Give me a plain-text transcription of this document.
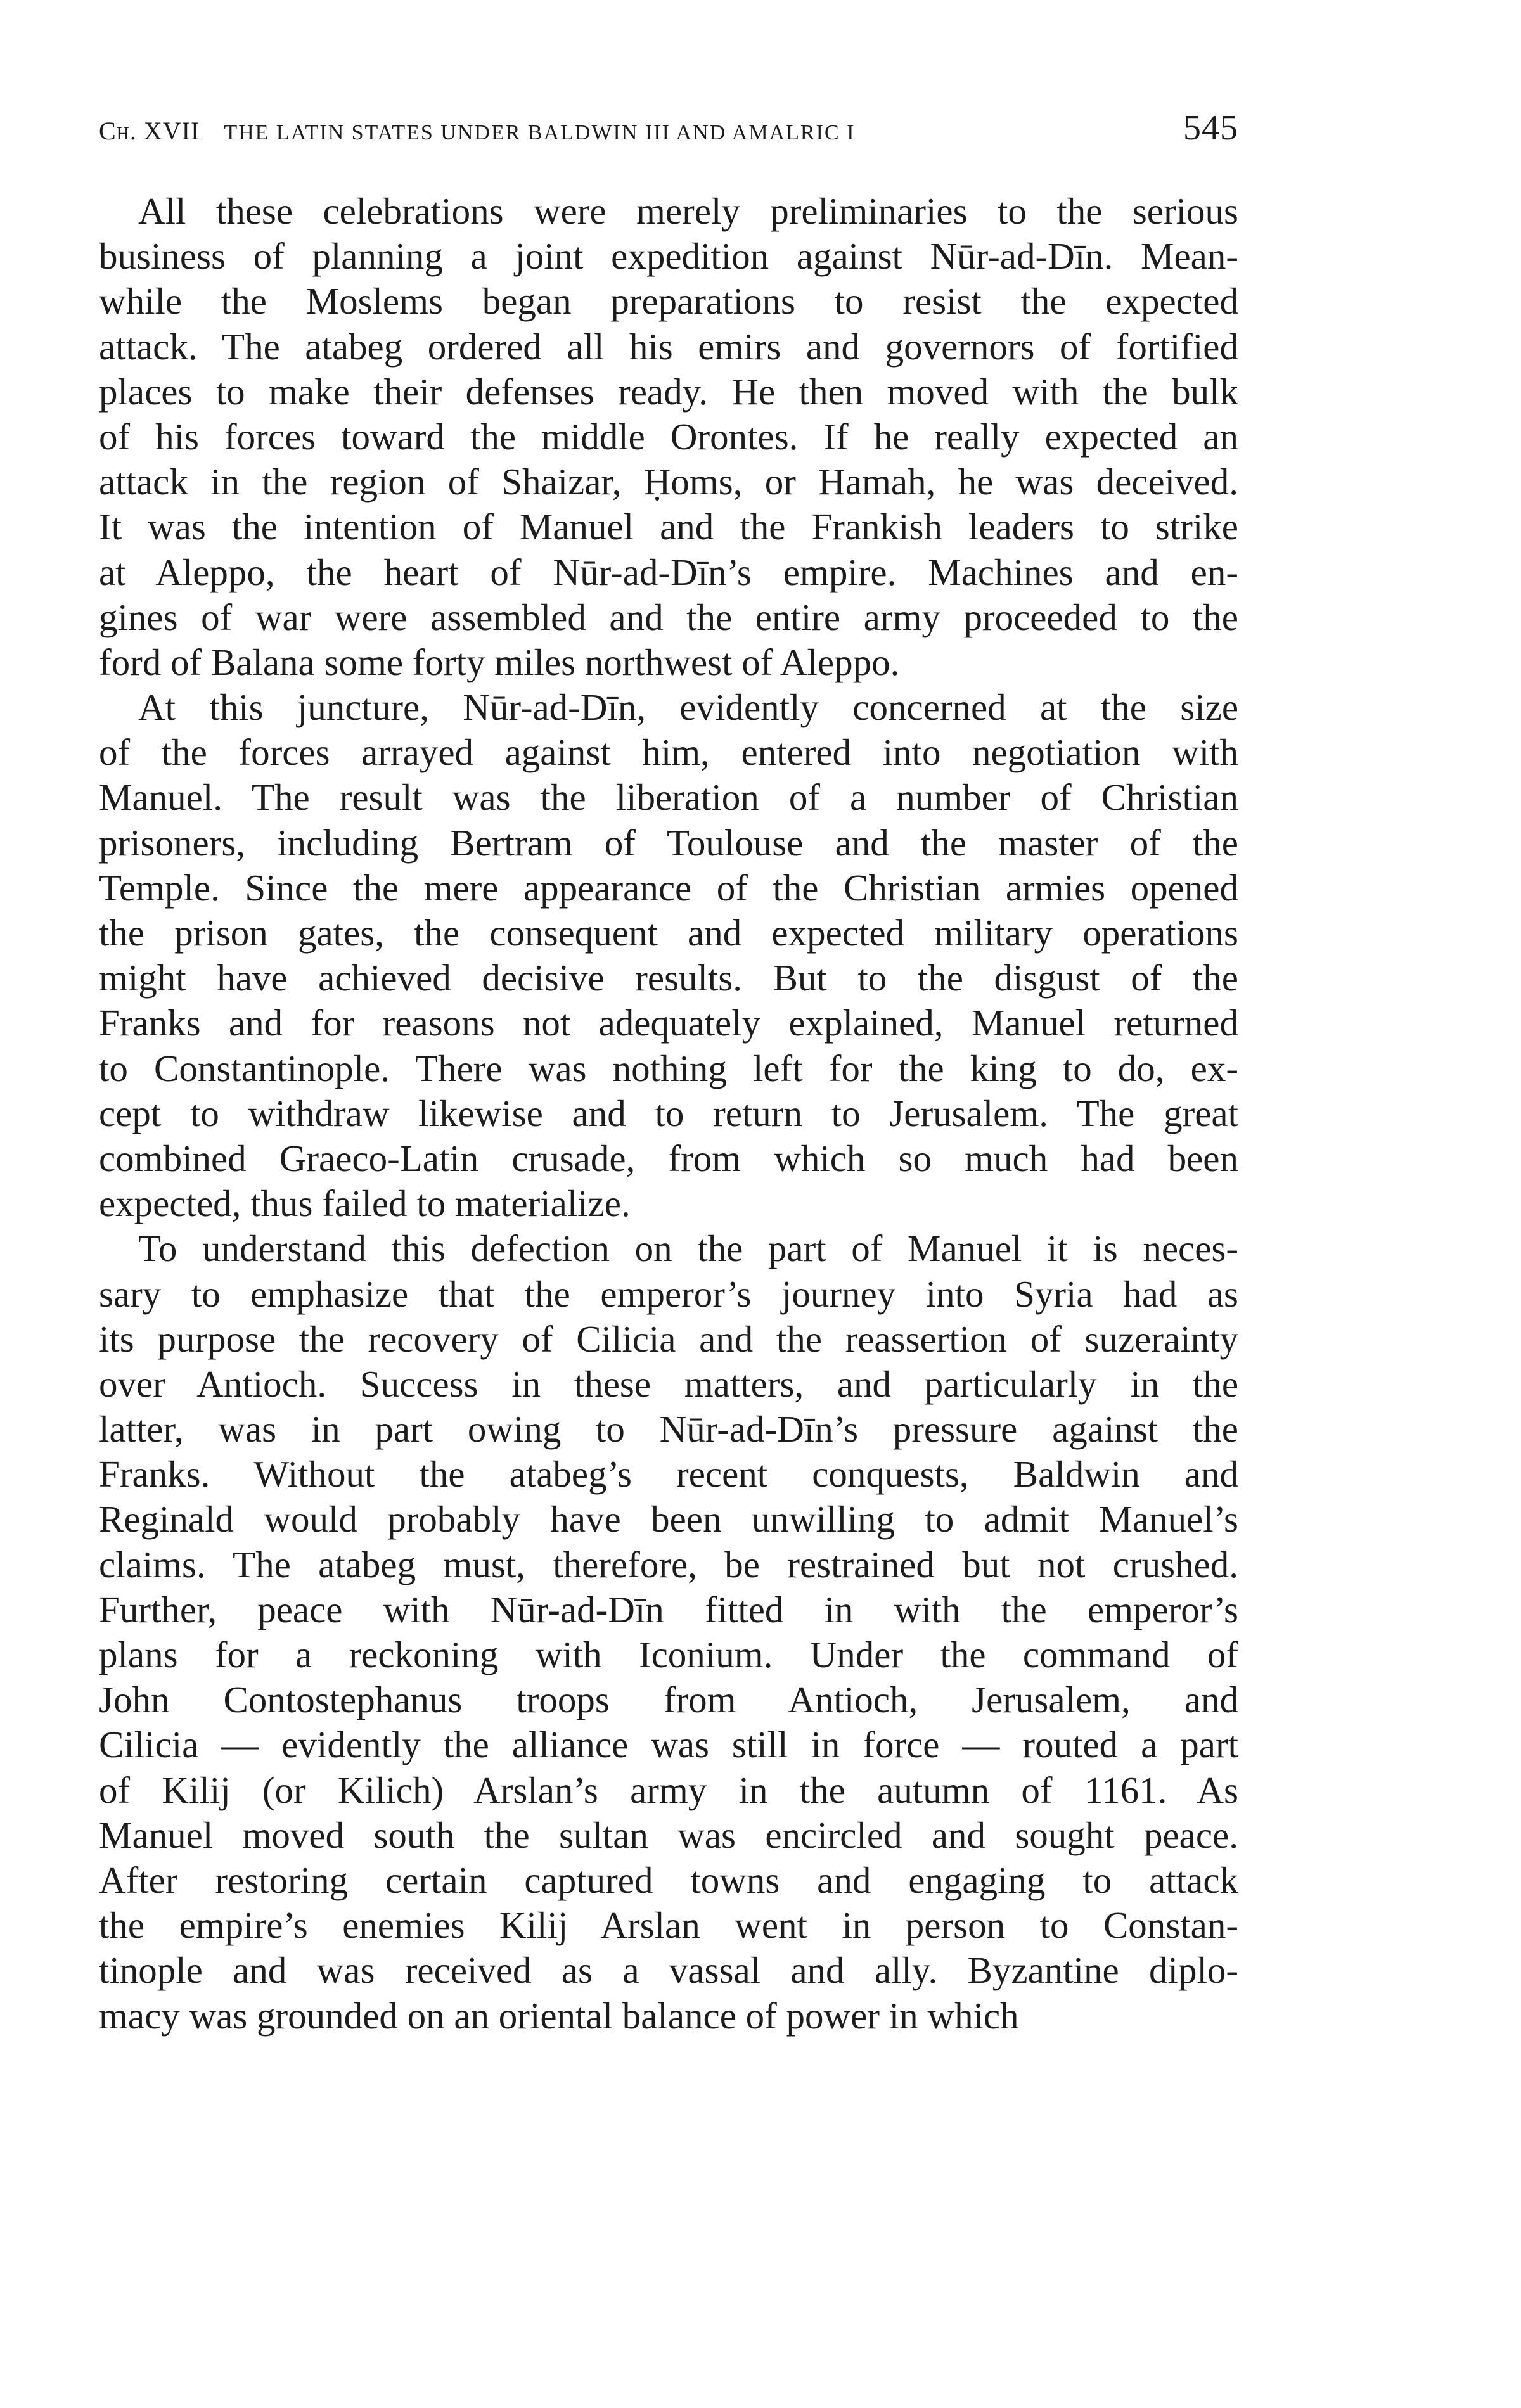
Ch. XVII THE LATIN STATES UNDER BALDWIN III AND AMALRIC I	545
All these celebrations were merely preliminaries to the serious
business of planning a joint expedition against Nūr-ad-Dīn. Mean-
while the Moslems began preparations to resist the expected
attack. The atabeg ordered all his emirs and governors of fortified
places to make their defenses ready. He then moved with the bulk
of his forces toward the middle Orontes. If he really expected an
attack in the region of Shaizar, Ḥoms, or Hamah, he was deceived.
It was the intention of Manuel and the Frankish leaders to strike
at Aleppo, the heart of Nūr-ad-Dīn’s empire. Machines and en-
gines of war were assembled and the entire army proceeded to the
ford of Balana some forty miles northwest of Aleppo.
At this juncture, Nūr-ad-Dīn, evidently concerned at the size
of the forces arrayed against him, entered into negotiation with
Manuel. The result was the liberation of a number of Christian
prisoners, including Bertram of Toulouse and the master of the
Temple. Since the mere appearance of the Christian armies opened
the prison gates, the consequent and expected military operations
might have achieved decisive results. But to the disgust of the
Franks and for reasons not adequately explained, Manuel returned
to Constantinople. There was nothing left for the king to do, ex-
cept to withdraw likewise and to return to Jerusalem. The great
combined Graeco-Latin crusade, from which so much had been
expected, thus failed to materialize.
To understand this defection on the part of Manuel it is neces-
sary to emphasize that the emperor’s journey into Syria had as
its purpose the recovery of Cilicia and the reassertion of suzerainty
over Antioch. Success in these matters, and particularly in the
latter, was in part owing to Nūr-ad-Dīn’s pressure against the
Franks. Without the atabeg’s recent conquests, Baldwin and
Reginald would probably have been unwilling to admit Manuel’s
claims. The atabeg must, therefore, be restrained but not crushed.
Further, peace with Nūr-ad-Dīn fitted in with the emperor’s
plans for a reckoning with Iconium. Under the command of
John Contostephanus troops from Antioch, Jerusalem, and
Cilicia — evidently the alliance was still in force — routed a part
of Kilij (or Kilich) Arslan’s army in the autumn of 1161. As
Manuel moved south the sultan was encircled and sought peace.
After restoring certain captured towns and engaging to attack
the empire’s enemies Kilij Arslan went in person to Constan-
tinople and was received as a vassal and ally. Byzantine diplo-
macy was grounded on an oriental balance of power in which
